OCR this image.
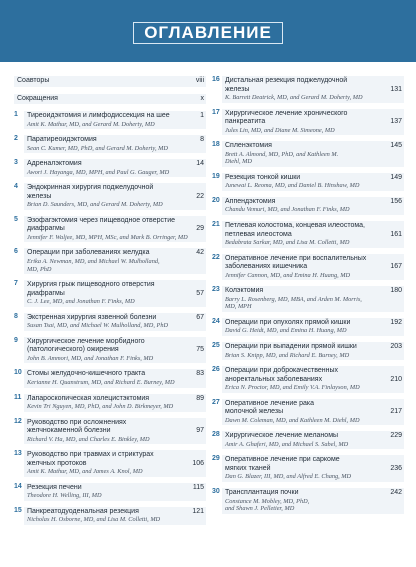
ОГЛАВЛЕНИЕ
Соавторы	viii
Сокращения	x
1	Тиреоидэктомия и лимфодиссекция на шее	1
Amit K. Mathur, MD, and Gerard M. Doherty, MD
2	Паратиреоидэктомия	8
Sean C. Kumer, MD, PhD, and Gerard M. Doherty, MD
3	Адреналэктомия	14
Awori J. Hayanga, MD, MPH, and Paul G. Gauger, MD
4	Эндокринная хирургия поджелудочной
железы	22
Brian D. Saunders, MD, and Gerard M. Doherty, MD
5	Эзофагэктомия через пищеводное отверстие
диафрагмы	29
Jennifer F. Waljee, MD, MPH, MSc, and Mark B. Orringer, MD
6	Операции при заболеваниях желудка	42
Erika A. Newman, MD, and Michael W. Mulholland,
MD, PhD
7	Хирургия грыж пищеводного отверстия
диафрагмы	57
C. J. Lee, MD, and Jonathan F. Finks, MD
8	Экстренная хирургия язвенной болезни	67
Susan Tsai, MD, and Michael W. Mulholland, MD, PhD
9	Хирургическое лечение морбидного
(патологического) ожирения	75
John B. Ammori, MD, and Jonathan F. Finks, MD
10 Стомы желудочно-кишечного тракта	83
Kerianne H. Quanstrum, MD, and Richard E. Burney, MD
11 Лапароскопическая холецистэктомия	89
Kevin Tri Nguyen, MD, PhD, and John D. Birkmeyer, MD
12 Руководство при осложнениях
желчнокаменной болезни	97
Richard V. Ha, MD, and Charles E. Binkley, MD
13 Руководство при травмах и стриктурах
желчных протоков	106
Amit K. Mathur, MD, and James A. Knol, MD
14 Резекция печени	115
Theodore H. Welling, III, MD
15 Панкреатодуоденальная резекция	121
Nicholas H. Osborne, MD, and Lisa M. Colletti, MD
16 Дистальная резекция поджелудочной
железы	131
K. Barrett Deatrick, MD, and Gerard M. Doherty, MD
17 Хирургическое лечение хронического
панкреатита	137
Jules Lin, MD, and Diane M. Simeone, MD
18 Спленэктомия	145
Brett A. Almond, MD, PhD, and Kathleen M.
Diehl, MD
19 Резекция тонкой кишки	149
Junewai L. Reoma, MD, and Daniel B. Hinshaw, MD
20 Аппендэктомия	156
Chandu Vemuri, MD, and Jonathan F. Finks, MD
21 Петлевая колостома, концевая илеостома,
петлевая илеостома	161
Bedabrata Sarkar, MD, and Lisa M. Colletti, MD
22 Оперативное лечение при воспалительных
заболеваниях кишечника	167
Jennifer Cannon, MD, and Emina H. Huang, MD
23 Колэктомия	180
Barry L. Rosenberg, MD, MBA, and Arden M. Morris,
MD, MPH
24 Операции при опухолях прямой кишки	192
David G. Heidt, MD, and Emina H. Huang, MD
25 Операции при выпадении прямой кишки	203
Brian S. Knipp, MD, and Richard E. Burney, MD
26 Операции при доброкачественных
аноректальных заболеваниях	210
Erica N. Proctor, MD, and Emily V.A. Finlayson, MD
27 Оперативное лечение рака
молочной железы	217
Dawn M. Coleman, MD, and Kathleen M. Diehl, MD
28 Хирургическое лечение меланомы	229
Amir A. Ghaferi, MD, and Michael S. Sabel, MD
29 Оперативное лечение при саркоме
мягких тканей	236
Dan G. Blazer, III, MD, and Alfred E. Chang, MD
30 Трансплантация почки	242
Constance M. Mobley, MD, PhD,
and Shawn J. Pelletier, MD
